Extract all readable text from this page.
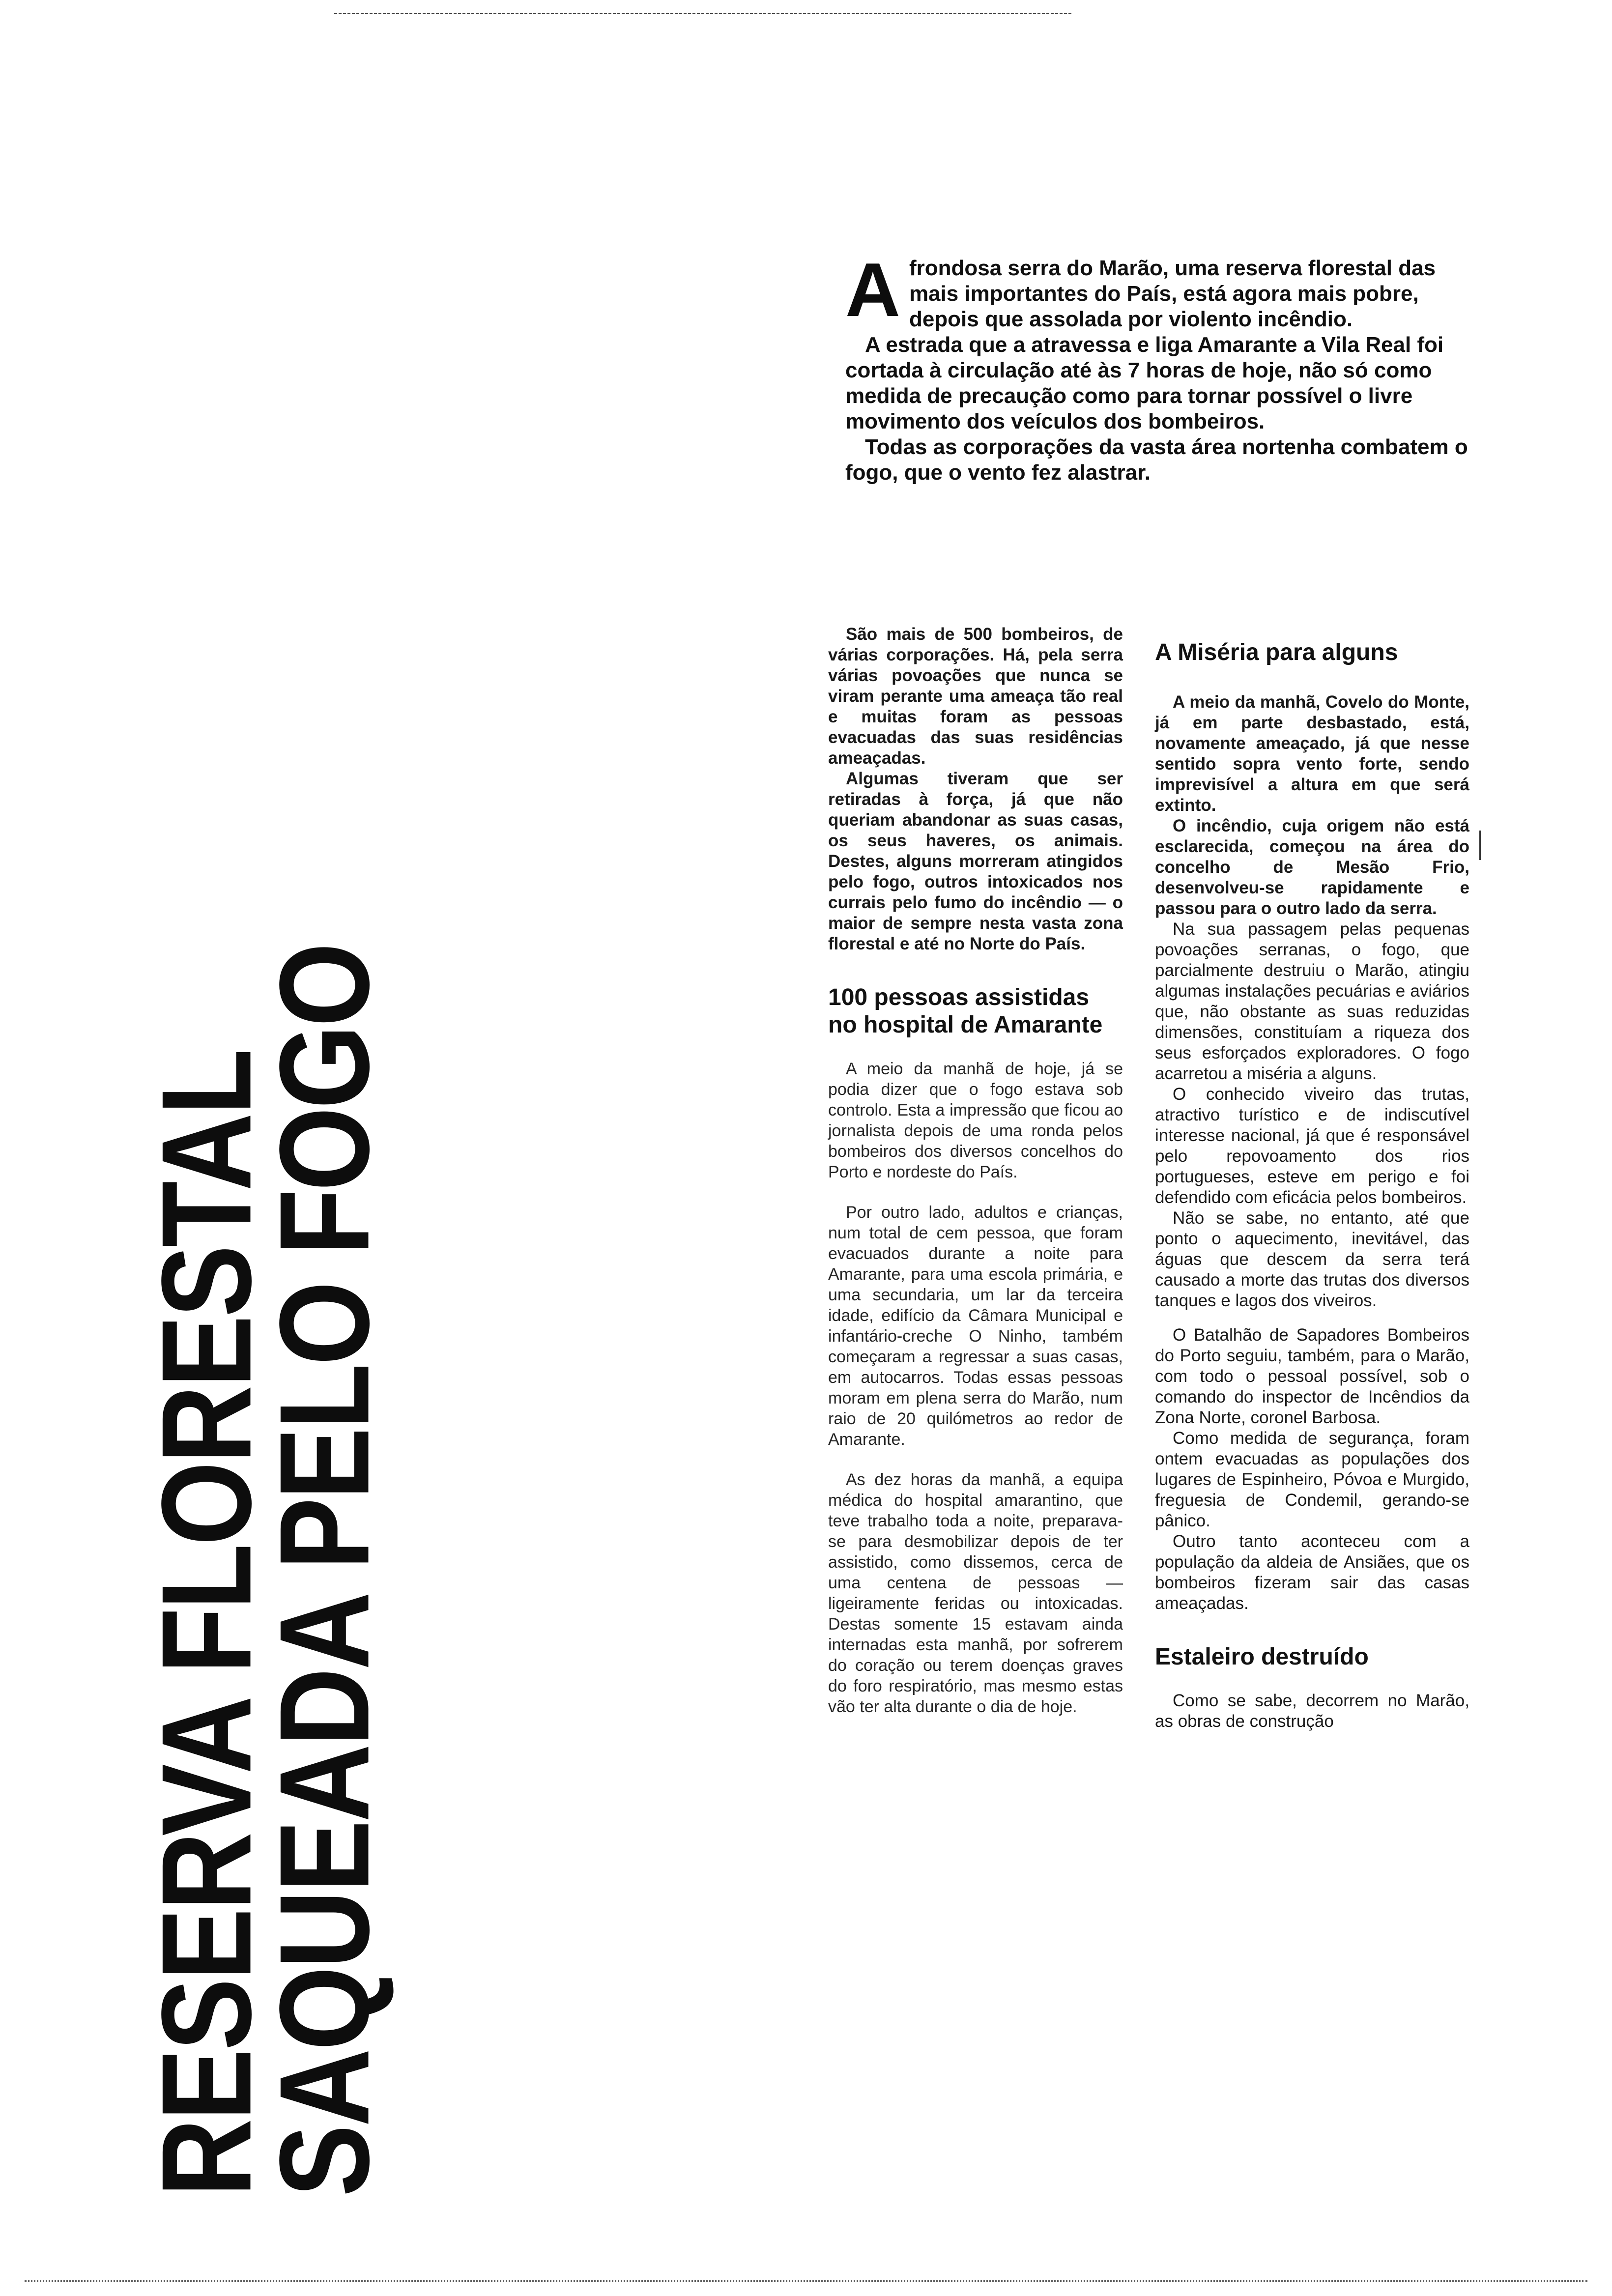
RESERVA FLORESTAL
SAQUEADA PELO FOGO
A frondosa serra do Marão, uma reserva florestal das mais importantes do País, está agora mais pobre, depois que assolada por violento incêndio.

A estrada que a atravessa e liga Amarante a Vila Real foi cortada à circulação até às 7 horas de hoje, não só como medida de precaução como para tornar possível o livre movimento dos veículos dos bombeiros.

Todas as corporações da vasta área nortenha combatem o fogo, que o vento fez alastrar.

São mais de 500 bombeiros, de várias corporações. Há, pela serra várias povoações que nunca se viram perante uma ameaça tão real e muitas foram as pessoas evacuadas das suas residências ameaçadas.

Algumas tiveram que ser retiradas à força, já que não queriam abandonar as suas casas, os seus haveres, os animais. Destes, alguns morreram atingidos pelo fogo, outros intoxicados nos currais pelo fumo do incêndio — o maior de sempre nesta vasta zona florestal e até no Norte do País.

100 pessoas assistidas no hospital de Amarante

A meio da manhã de hoje, já se podia dizer que o fogo estava sob controlo. Esta a impressão que ficou ao jornalista depois de uma ronda pelos bombeiros dos diversos concelhos do Porto e nordeste do País.

Por outro lado, adultos e crianças, num total de cem pessoa, que foram evacuados durante a noite para Amarante, para uma escola primária, e uma secundaria, um lar da terceira idade, edifício da Câmara Municipal e infantário-creche O Ninho, também começaram a regressar a suas casas, em autocarros. Todas essas pessoas moram em plena serra do Marão, num raio de 20 quilómetros ao redor de Amarante.

As dez horas da manhã, a equipa médica do hospital amarantino, que teve trabalho toda a noite, preparava-se para desmobilizar depois de ter assistido, como dissemos, cerca de uma centena de pessoas — ligeiramente feridas ou intoxicadas. Destas somente 15 estavam ainda internadas esta manhã, por sofrerem do coração ou terem doenças graves do foro respiratório, mas mesmo estas vão ter alta durante o dia de hoje.

A Miséria para alguns

A meio da manhã, Covelo do Monte, já em parte desbastado, está, novamente ameaçado, já que nesse sentido sopra vento forte, sendo imprevisível a altura em que será extinto.

O incêndio, cuja origem não está esclarecida, começou na área do concelho de Mesão Frio, desenvolveu-se rapidamente e passou para o outro lado da serra.

Na sua passagem pelas pequenas povoações serranas, o fogo, que parcialmente destruiu o Marão, atingiu algumas instalações pecuárias e aviários que, não obstante as suas reduzidas dimensões, constituíam a riqueza dos seus esforçados exploradores. O fogo acarretou a miséria a alguns.

O conhecido viveiro das trutas, atractivo turístico e de indiscutível interesse nacional, já que é responsável pelo repovoamento dos rios portugueses, esteve em perigo e foi defendido com eficácia pelos bombeiros.

Não se sabe, no entanto, até que ponto o aquecimento, inevitável, das águas que descem da serra terá causado a morte das trutas dos diversos tanques e lagos dos viveiros.

O Batalhão de Sapadores Bombeiros do Porto seguiu, também, para o Marão, com todo o pessoal possível, sob o comando do inspector de Incêndios da Zona Norte, coronel Barbosa.

Como medida de segurança, foram ontem evacuadas as populações dos lugares de Espinheiro, Póvoa e Murgido, freguesia de Condemil, gerando-se pânico.

Outro tanto aconteceu com a população da aldeia de Ansiães, que os bombeiros fizeram sair das casas ameaçadas.

Estaleiro destruído

Como se sabe, decorrem no Marão, as obras de construção
